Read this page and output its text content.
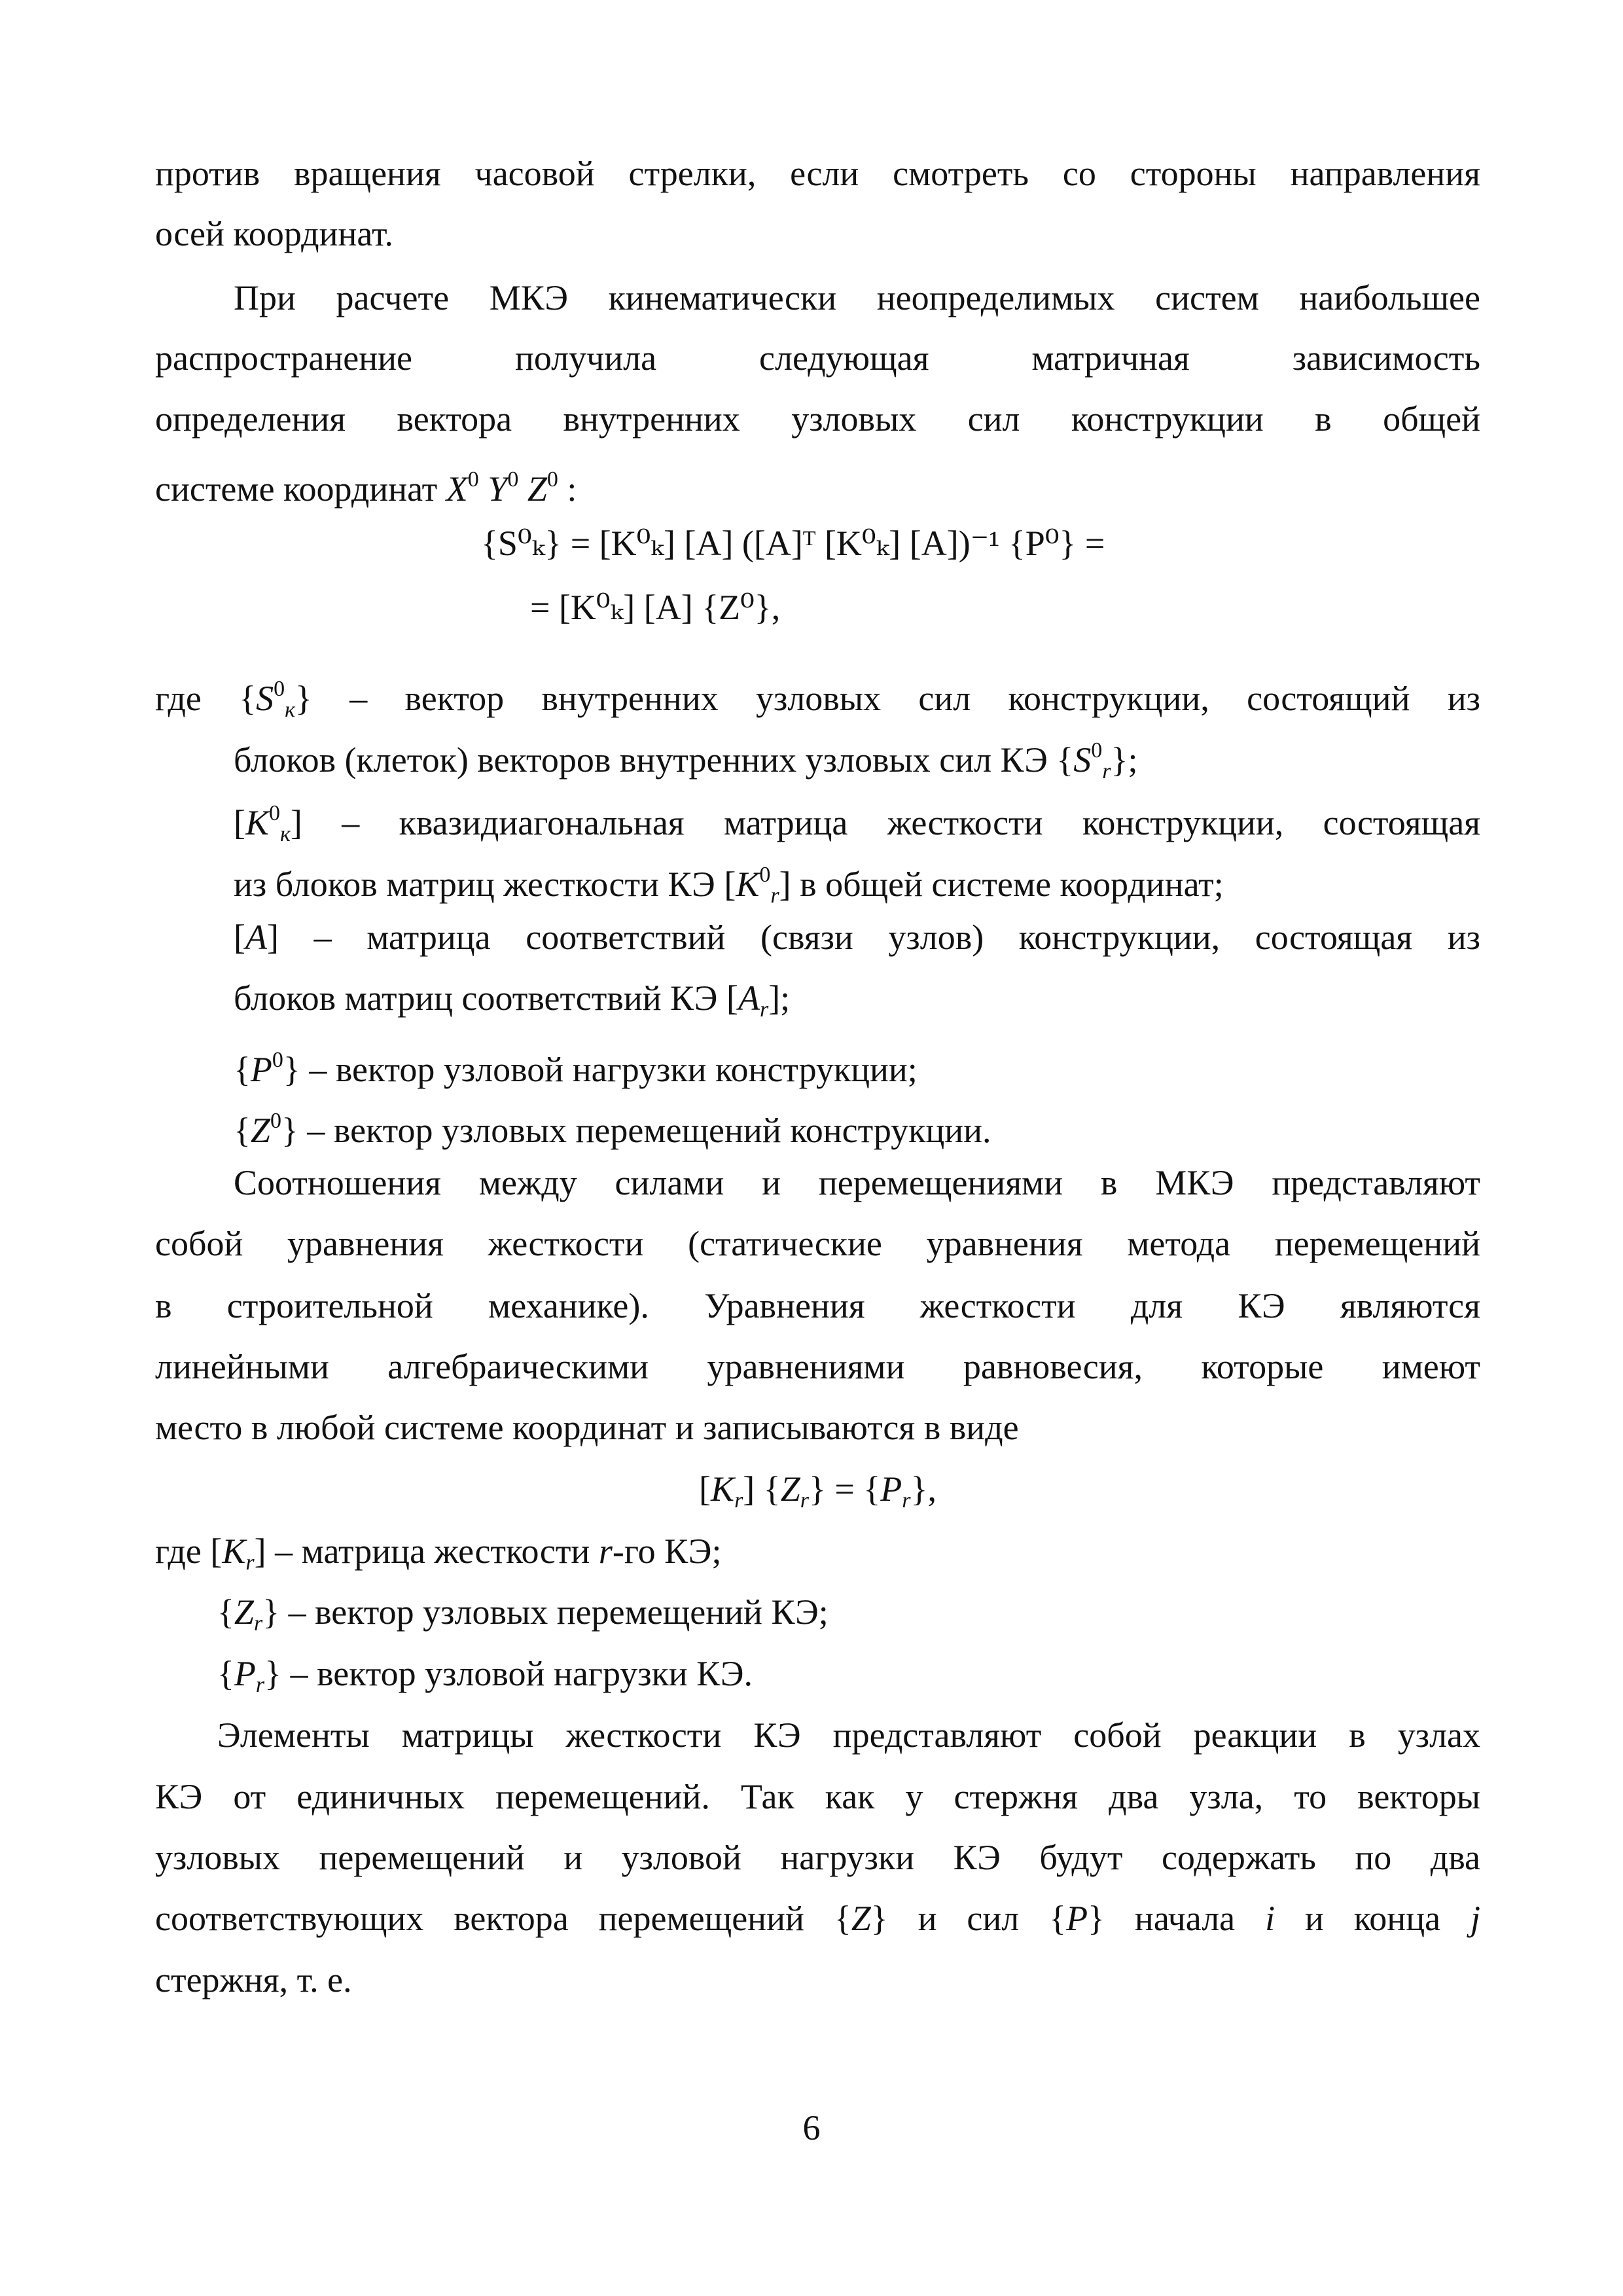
против вращения часовой стрелки, если смотреть со стороны направления
осей координат.
При расчете МКЭ кинематически неопределимых систем наибольшее
распространение получила следующая матричная зависимость
определения вектора внутренних узловых сил конструкции в общей
системе координат $X^0$ $Y^0$ $Z^0$ :
{S⁰ₖ} = [K⁰ₖ] [A] ([A]ᵀ [K⁰ₖ] [A])⁻¹ {P⁰} =
= [K⁰ₖ] [A] {Z⁰},
где $\{S^0_к\}$ – вектор внутренних узловых сил конструкции, состоящий из
блоков (клеток) векторов внутренних узловых сил КЭ $\{S^0_r\}$;
$[K^0_к]$ – квазидиагональная матрица жесткости конструкции, состоящая
из блоков матриц жесткости КЭ $[K^0_r]$ в общей системе координат;
[A] – матрица соответствий (связи узлов) конструкции, состоящая из
блоков матриц соответствий КЭ $[A_r]$;
$\{P^0\}$ – вектор узловой нагрузки конструкции;
$\{Z^0\}$ – вектор узловых перемещений конструкции.
Соотношения между силами и перемещениями в МКЭ представляют
собой уравнения жесткости (статические уравнения метода перемещений
в строительной механике). Уравнения жесткости для КЭ являются
линейными алгебраическими уравнениями равновесия, которые имеют
место в любой системе координат и записываются в виде
$[K_r] \{Z_r\} = \{P_r\}$,
где $[K_r]$ – матрица жесткости r-го КЭ;
$\{Z_r\}$ – вектор узловых перемещений КЭ;
$\{P_r\}$ – вектор узловой нагрузки КЭ.
Элементы матрицы жесткости КЭ представляют собой реакции в узлах
КЭ от единичных перемещений. Так как у стержня два узла, то векторы
узловых перемещений и узловой нагрузки КЭ будут содержать по два
соответствующих вектора перемещений {Z} и сил {P} начала i и конца j
стержня, т. е.
6
